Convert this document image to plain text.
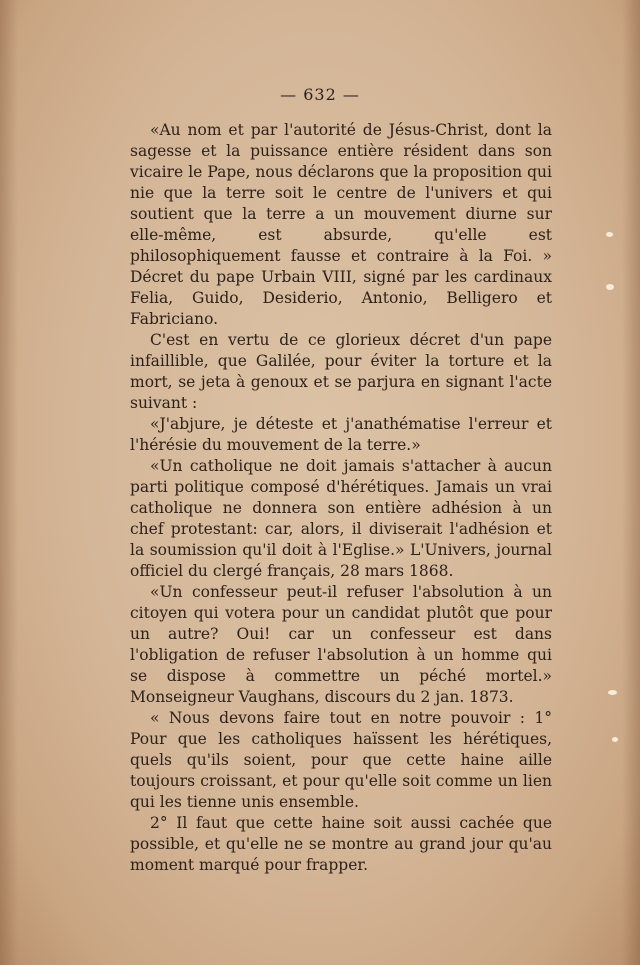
— 632 —

«Au nom et par l'autorité de Jésus-Christ, dont la sagesse et la puissance entière résident dans son vicaire le Pape, nous déclarons que la proposition qui nie que la terre soit le centre de l'univers et qui soutient que la terre a un mouvement diurne sur elle-même, est absurde, qu'elle est philosophiquement fausse et contraire à la Foi. » Décret du pape Urbain VIII, signé par les cardinaux Felia, Guido, Desiderio, Antonio, Belligero et Fabriciano.

C'est en vertu de ce glorieux décret d'un pape infaillible, que Galilée, pour éviter la torture et la mort, se jeta à genoux et se parjura en signant l'acte suivant :

«J'abjure, je déteste et j'anathématise l'erreur et l'hérésie du mouvement de la terre.»

«Un catholique ne doit jamais s'attacher à aucun parti politique composé d'hérétiques. Jamais un vrai catholique ne donnera son entière adhésion à un chef protestant: car, alors, il diviserait l'adhésion et la soumission qu'il doit à l'Eglise.» L'Univers, journal officiel du clergé français, 28 mars 1868.

«Un confesseur peut-il refuser l'absolution à un citoyen qui votera pour un candidat plutôt que pour un autre? Oui! car un confesseur est dans l'obligation de refuser l'absolution à un homme qui se dispose à commettre un péché mortel.» Monseigneur Vaughans, discours du 2 jan. 1873.

« Nous devons faire tout en notre pouvoir : 1° Pour que les catholiques haïssent les hérétiques, quels qu'ils soient, pour que cette haine aille toujours croissant, et pour qu'elle soit comme un lien qui les tienne unis ensemble.

2° Il faut que cette haine soit aussi cachée que possible, et qu'elle ne se montre au grand jour qu'au moment marqué pour frapper.
